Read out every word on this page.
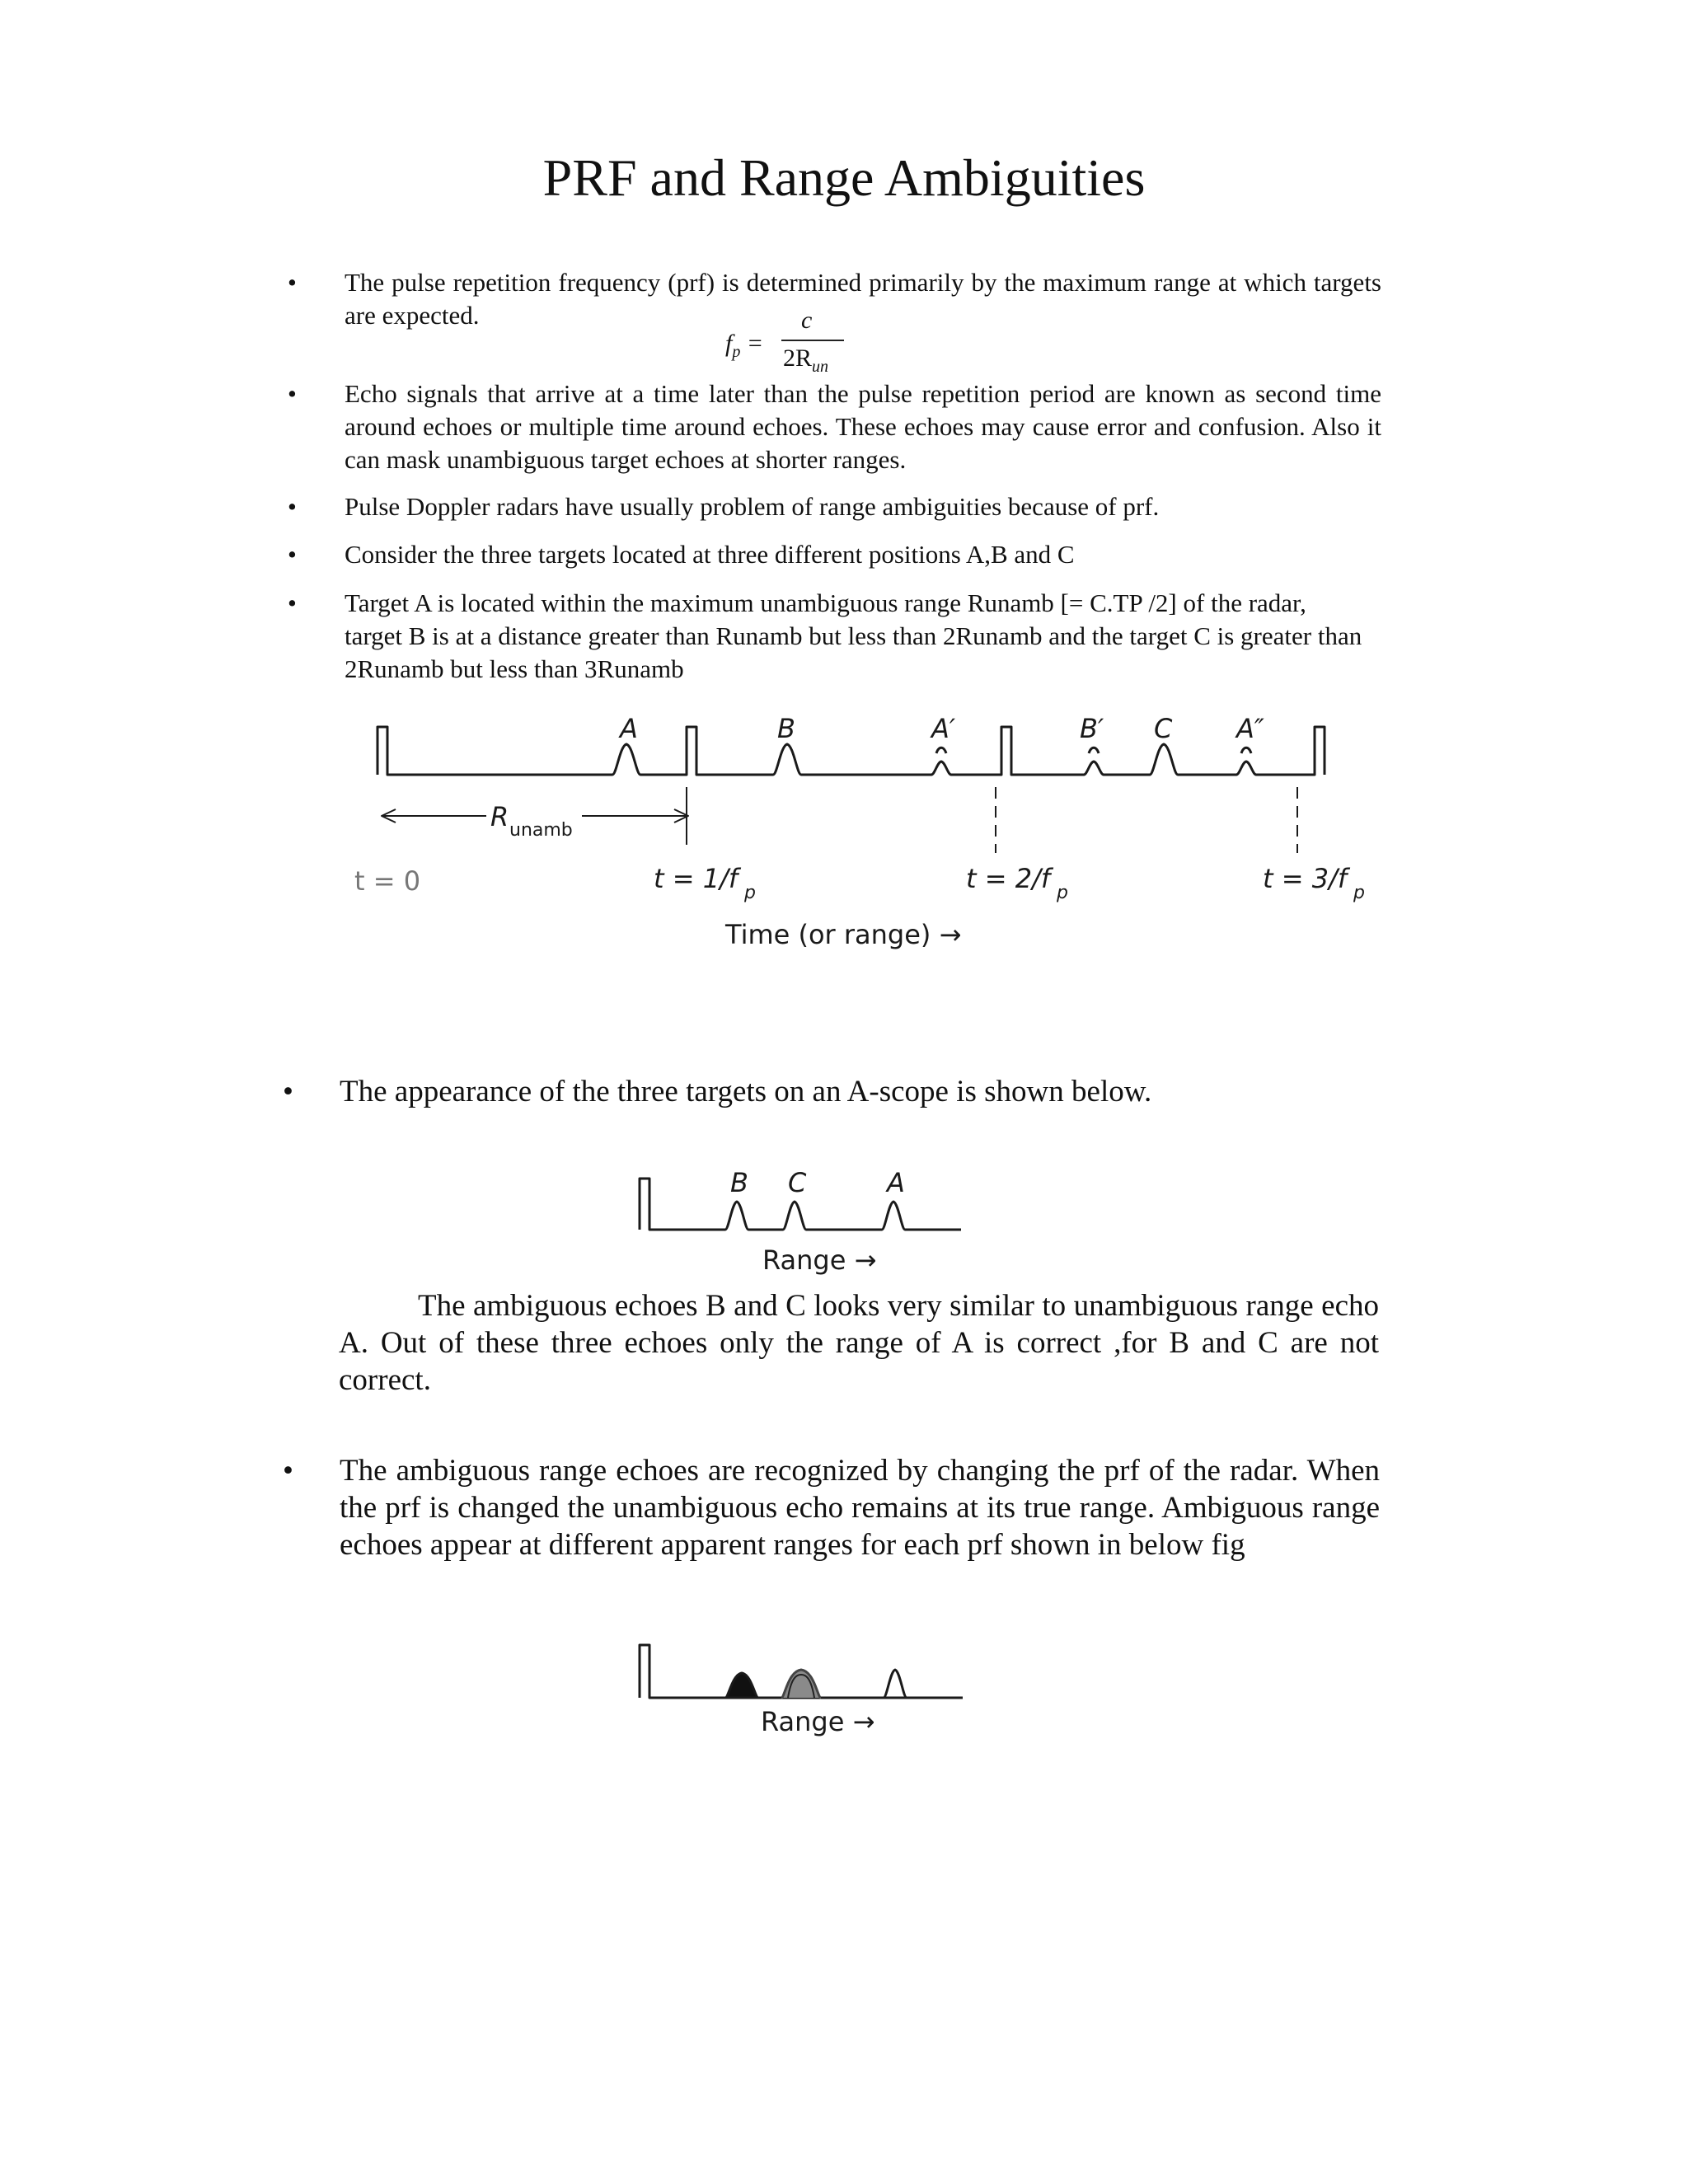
PRF and Range Ambiguities
• The pulse repetition frequency (prf) is determined primarily by the maximum range at which targets are expected.
$f_p$ =
c
$2R_{un}$
• Echo signals that arrive at a time later than the pulse repetition period are known as second time around echoes or multiple time around echoes. These echoes may cause error and confusion. Also it can mask unambiguous target echoes at shorter ranges.
• Pulse Doppler radars have usually problem of range ambiguities because of prf.
• Consider the three targets located at three different positions A,B and C
• Target A is located within the maximum unambiguous range Runamb [= C.TP /2] of the radar, target B is at a distance greater than Runamb but less than 2Runamb and the target C is greater than 2Runamb but less than 3Runamb
• The appearance of the three targets on an A-scope is shown below.
The ambiguous echoes B and C looks very similar to unambiguous range echo A. Out of these three echoes only the range of A is correct ,for B and C are not correct.
• The ambiguous range echoes are recognized by changing the prf of the radar. When the prf is changed the unambiguous echo remains at its true range. Ambiguous range echoes appear at different apparent ranges for each prf shown in below fig
A	B	A′	B′ C A″
R unamb
t = 0	t = 1/f p	t = 2/f p	t = 3/f p
Time (or range) →
B C	A
Range →
Range →
